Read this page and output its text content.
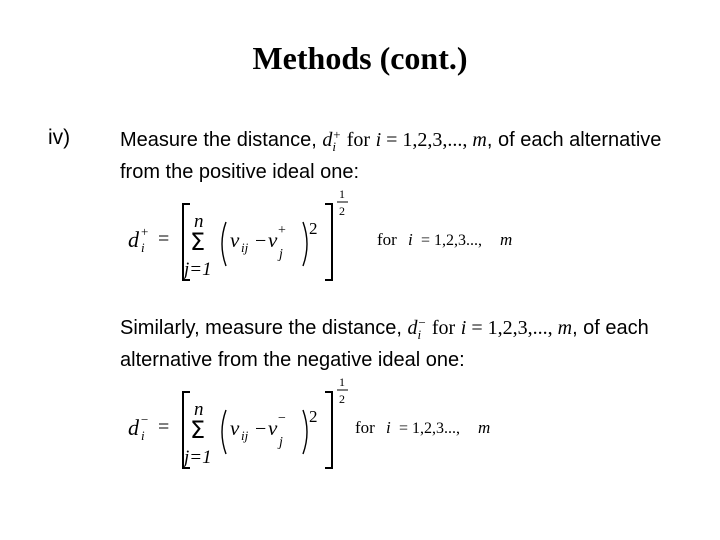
Methods (cont.)
iv) Measure the distance, d +
i for i = 1,2,3,..., m, of each alternative
from the positive ideal one:
d +
i =
n
Σ
j=1
v ij − v +
j
2
1
2
for i = 1,2,3..., m
Similarly, measure the distance, d −
i for i = 1,2,3,..., m, of each
alternative from the negative ideal one:
d −
i =
n
Σ
j=1
v ij − v −
j
2
1
2
for i = 1,2,3..., m
